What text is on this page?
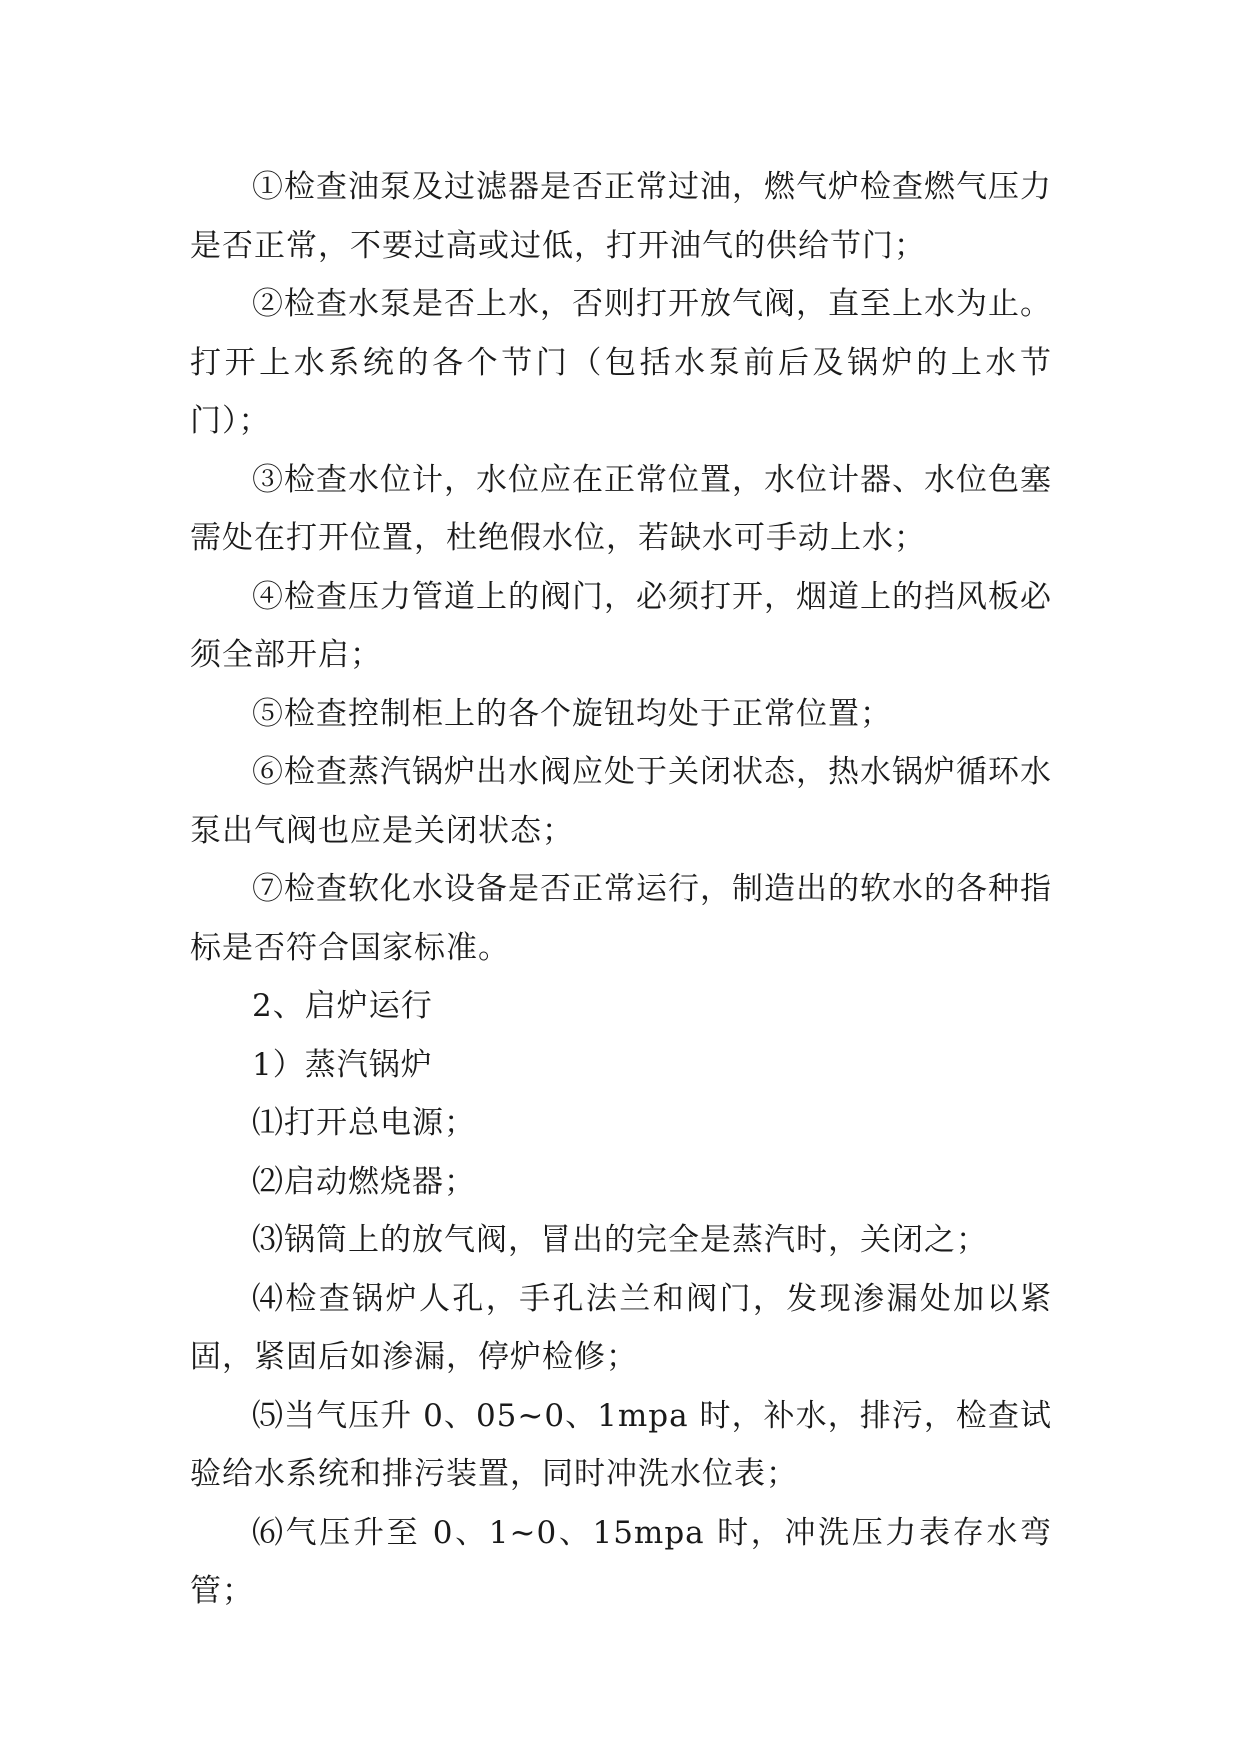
①检查油泵及过滤器是否正常过油，燃气炉检查燃气压力是否正常，不要过高或过低，打开油气的供给节门；

②检查水泵是否上水，否则打开放气阀，直至上水为止。打开上水系统的各个节门（包括水泵前后及锅炉的上水节门）；

③检查水位计，水位应在正常位置，水位计器、水位色塞需处在打开位置，杜绝假水位，若缺水可手动上水；

④检查压力管道上的阀门，必须打开，烟道上的挡风板必须全部开启；

⑤检查控制柜上的各个旋钮均处于正常位置；

⑥检查蒸汽锅炉出水阀应处于关闭状态，热水锅炉循环水泵出气阀也应是关闭状态；

⑦检查软化水设备是否正常运行，制造出的软水的各种指标是否符合国家标准。

2、启炉运行

1）蒸汽锅炉

⑴打开总电源；

⑵启动燃烧器；

⑶锅筒上的放气阀，冒出的完全是蒸汽时，关闭之；

⑷检查锅炉人孔，手孔法兰和阀门，发现渗漏处加以紧固，紧固后如渗漏，停炉检修；

⑸当气压升 0、05~0、1mpa 时，补水，排污，检查试验给水系统和排污装置，同时冲洗水位表；

⑹气压升至 0、1~0、15mpa 时，冲洗压力表存水弯管；
